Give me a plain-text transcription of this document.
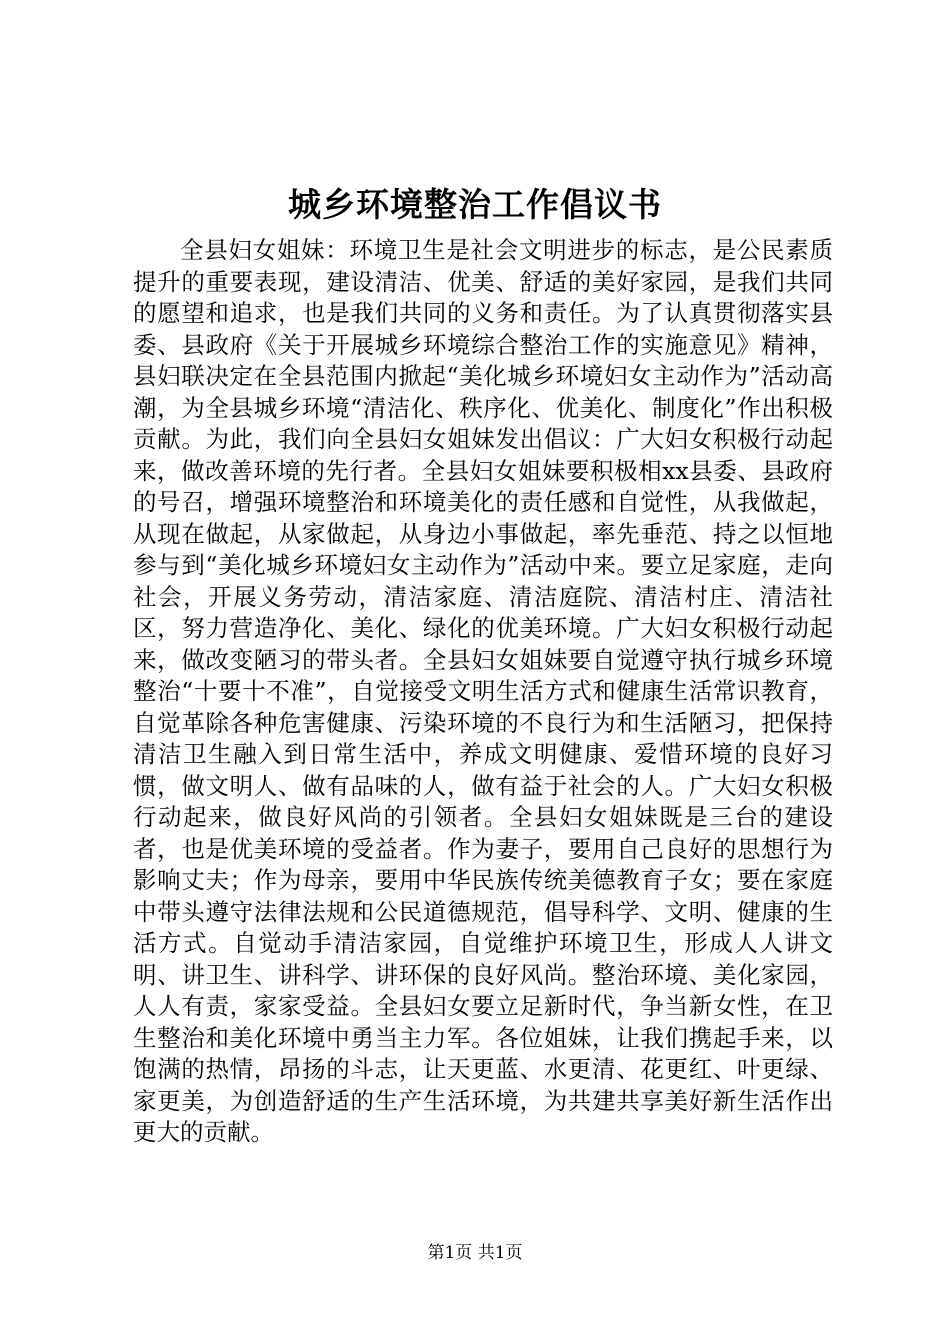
城乡环境整治工作倡议书

全县妇女姐妹：环境卫生是社会文明进步的标志，是公民素质提升的重要表现，建设清洁、优美、舒适的美好家园，是我们共同的愿望和追求，也是我们共同的义务和责任。为了认真贯彻落实县委、县政府《关于开展城乡环境综合整治工作的实施意见》精神，县妇联决定在全县范围内掀起“美化城乡环境妇女主动作为”活动高潮，为全县城乡环境“清洁化、秩序化、优美化、制度化”作出积极贡献。为此，我们向全县妇女姐妹发出倡议：广大妇女积极行动起来，做改善环境的先行者。全县妇女姐妹要积极相xx县委、县政府的号召，增强环境整治和环境美化的责任感和自觉性，从我做起，从现在做起，从家做起，从身边小事做起，率先垂范、持之以恒地参与到“美化城乡环境妇女主动作为”活动中来。要立足家庭，走向社会，开展义务劳动，清洁家庭、清洁庭院、清洁村庄、清洁社区，努力营造净化、美化、绿化的优美环境。广大妇女积极行动起来，做改变陋习的带头者。全县妇女姐妹要自觉遵守执行城乡环境整治“十要十不准”，自觉接受文明生活方式和健康生活常识教育，自觉革除各种危害健康、污染环境的不良行为和生活陋习，把保持清洁卫生融入到日常生活中，养成文明健康、爱惜环境的良好习惯，做文明人、做有品味的人，做有益于社会的人。广大妇女积极行动起来，做良好风尚的引领者。全县妇女姐妹既是三台的建设者，也是优美环境的受益者。作为妻子，要用自己良好的思想行为影响丈夫；作为母亲，要用中华民族传统美德教育子女；要在家庭中带头遵守法律法规和公民道德规范，倡导科学、文明、健康的生活方式。自觉动手清洁家园，自觉维护环境卫生，形成人人讲文明、讲卫生、讲科学、讲环保的良好风尚。整治环境、美化家园，人人有责，家家受益。全县妇女要立足新时代，争当新女性，在卫生整治和美化环境中勇当主力军。各位姐妹，让我们携起手来，以饱满的热情，昂扬的斗志，让天更蓝、水更清、花更红、叶更绿、家更美，为创造舒适的生产生活环境，为共建共享美好新生活作出更大的贡献。

第1页 共1页
